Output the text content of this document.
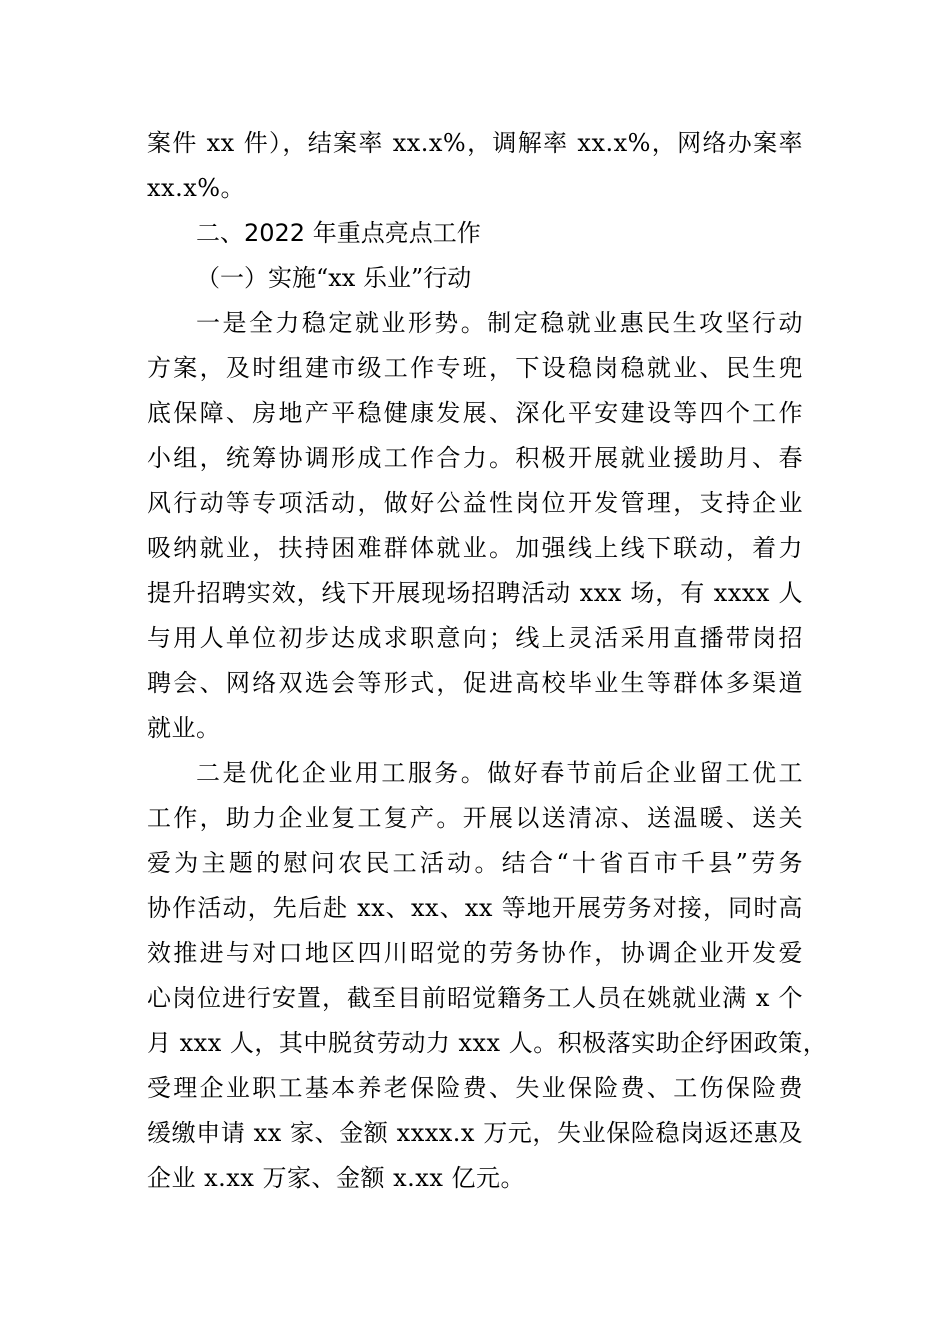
案件 xx 件），结案率 xx.x%，调解率 xx.x%，网络办案率
xx.x%。
二、2022 年重点亮点工作
（一）实施“xx 乐业”行动
一是全力稳定就业形势。制定稳就业惠民生攻坚行动
方案，及时组建市级工作专班，下设稳岗稳就业、民生兜
底保障、房地产平稳健康发展、深化平安建设等四个工作
小组，统筹协调形成工作合力。积极开展就业援助月、春
风行动等专项活动，做好公益性岗位开发管理，支持企业
吸纳就业，扶持困难群体就业。加强线上线下联动，着力
提升招聘实效，线下开展现场招聘活动 xxx 场，有 xxxx 人
与用人单位初步达成求职意向；线上灵活采用直播带岗招
聘会、网络双选会等形式，促进高校毕业生等群体多渠道
就业。
二是优化企业用工服务。做好春节前后企业留工优工
工作，助力企业复工复产。开展以送清凉、送温暖、送关
爱为主题的慰问农民工活动。结合“十省百市千县”劳务
协作活动，先后赴 xx、xx、xx 等地开展劳务对接，同时高
效推进与对口地区四川昭觉的劳务协作，协调企业开发爱
心岗位进行安置，截至目前昭觉籍务工人员在姚就业满 x 个
月 xxx 人，其中脱贫劳动力 xxx 人。积极落实助企纾困政策，
受理企业职工基本养老保险费、失业保险费、工伤保险费
缓缴申请 xx 家、金额 xxxx.x 万元，失业保险稳岗返还惠及
企业 x.xx 万家、金额 x.xx 亿元。
